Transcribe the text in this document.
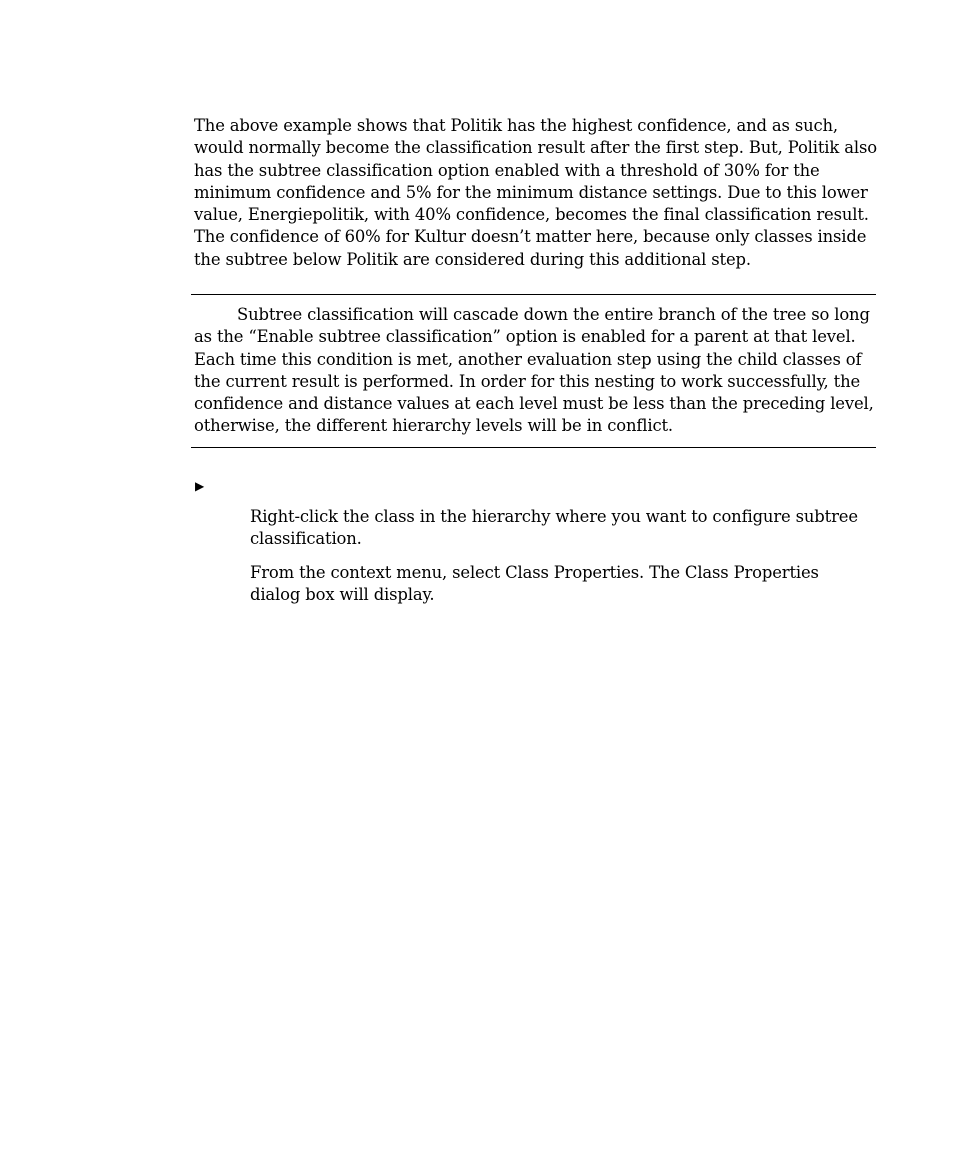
The above example shows that Politik has the highest confidence, and as such, would normally become the classification result after the first step. But, Politik also has the subtree classification option enabled with a threshold of 30% for the minimum confidence and 5% for the minimum distance settings. Due to this lower value, Energiepolitik, with 40% confidence, becomes the final classification result. The confidence of 60% for Kultur doesn’t matter here, because only classes inside the subtree below Politik are considered during this additional step.

Subtree classification will cascade down the entire branch of the tree so long as the “Enable subtree classification” option is enabled for a parent at that level. Each time this condition is met, another evaluation step using the child classes of the current result is performed. In order for this nesting to work successfully, the confidence and distance values at each level must be less than the preceding level, otherwise, the different hierarchy levels will be in conflict.

▶

Right-click the class in the hierarchy where you want to configure subtree classification.

From the context menu, select Class Properties. The Class Properties dialog box will display.
